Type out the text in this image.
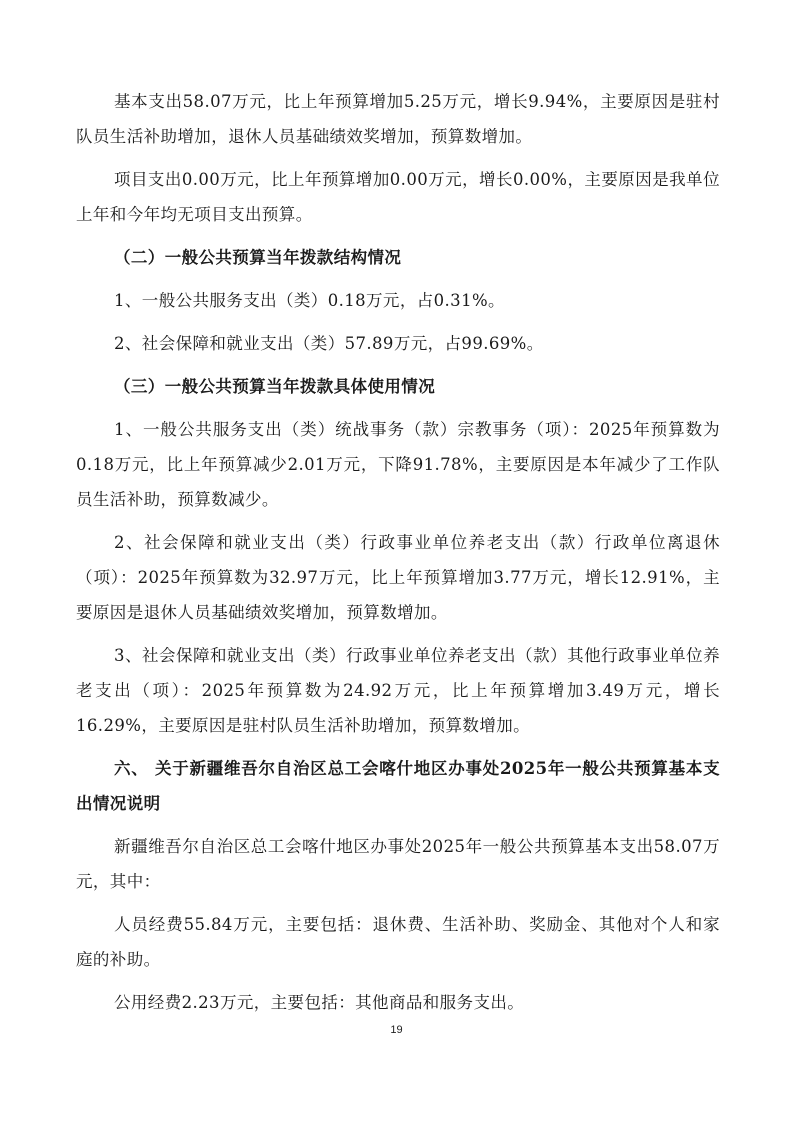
基本支出58.07万元，比上年预算增加5.25万元，增长9.94%，主要原因是驻村队员生活补助增加，退休人员基础绩效奖增加，预算数增加。

项目支出0.00万元，比上年预算增加0.00万元，增长0.00%，主要原因是我单位上年和今年均无项目支出预算。

（二）一般公共预算当年拨款结构情况

1、一般公共服务支出（类）0.18万元，占0.31%。

2、社会保障和就业支出（类）57.89万元，占99.69%。

（三）一般公共预算当年拨款具体使用情况

1、一般公共服务支出（类）统战事务（款）宗教事务（项）：2025年预算数为0.18万元，比上年预算减少2.01万元，下降91.78%，主要原因是本年减少了工作队员生活补助，预算数减少。

2、社会保障和就业支出（类）行政事业单位养老支出（款）行政单位离退休（项）：2025年预算数为32.97万元，比上年预算增加3.77万元，增长12.91%，主要原因是退休人员基础绩效奖增加，预算数增加。

3、社会保障和就业支出（类）行政事业单位养老支出（款）其他行政事业单位养老支出（项）：2025年预算数为24.92万元，比上年预算增加3.49万元，增长16.29%，主要原因是驻村队员生活补助增加，预算数增加。

六、 关于新疆维吾尔自治区总工会喀什地区办事处2025年一般公共预算基本支出情况说明

新疆维吾尔自治区总工会喀什地区办事处2025年一般公共预算基本支出58.07万元，其中：

人员经费55.84万元，主要包括：退休费、生活补助、奖励金、其他对个人和家庭的补助。

公用经费2.23万元，主要包括：其他商品和服务支出。

19
